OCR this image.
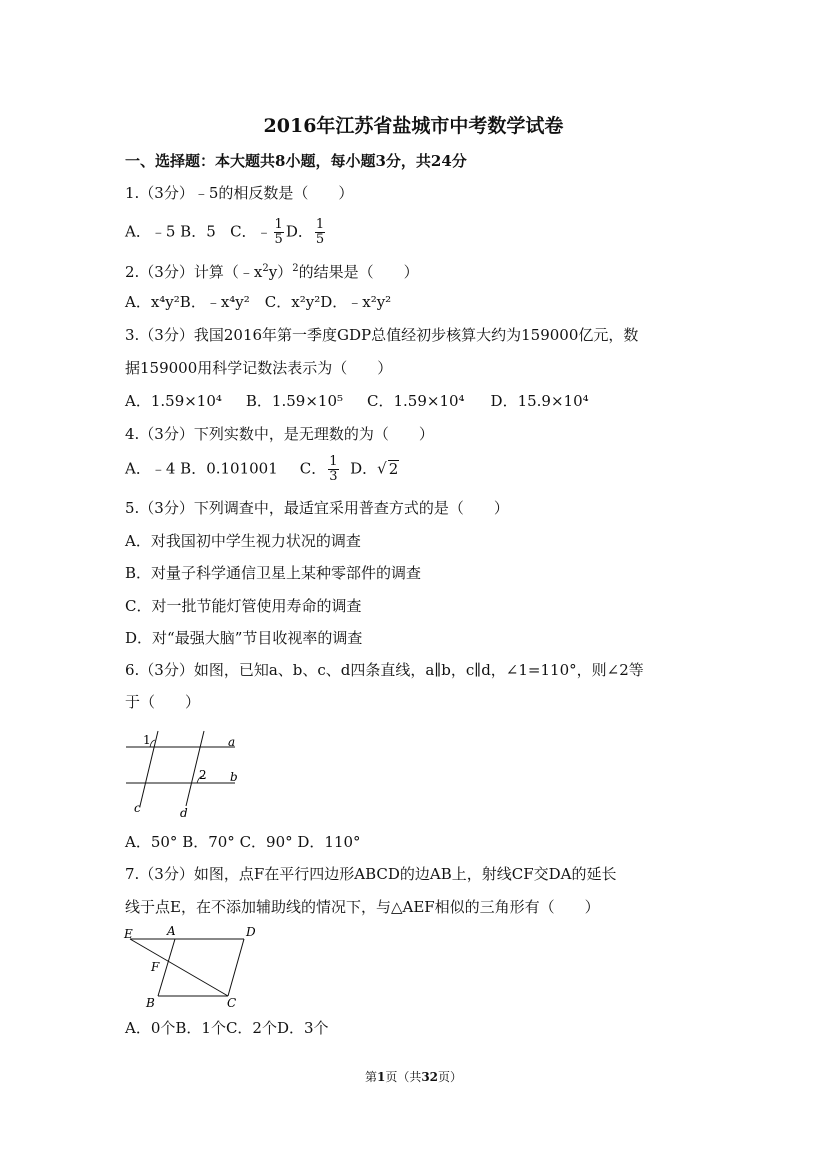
2016年江苏省盐城市中考数学试卷
一、选择题：本大题共8小题，每小题3分，共24分
1.（3分）﹣5的相反数是（　　）
A．﹣5 B．5 C．﹣ $\frac{1}{5}$ D． $\frac{1}{5}$
2.（3分）计算$(﹣x^2y)^2$的结果是（　　）
A．x⁴y²B．﹣x⁴y²　C．x²y²D．﹣x²y²
3.（3分）我国2016年第一季度GDP总值经初步核算大约为159000亿元，数
据159000用科学记数法表示为（　　）
A．1.59×10⁴ B．1.59×10⁵ C．1.59×10⁴ D．15.9×10⁴
4.（3分）下列实数中，是无理数的为（　　）
A．﹣4 B．0.101001 C． $\frac{1}{3}$ D．√ 2
5.（3分）下列调查中，最适宜采用普查方式的是（　　）
A．对我国初中学生视力状况的调查
B．对量子科学通信卫星上某种零部件的调查
C．对一批节能灯管使用寿命的调查
D．对“最强大脑”节目收视率的调查
6.（3分）如图，已知a、b、c、d四条直线，a∥b，c∥d，∠1=110°，则∠2等
于（　　）
1
2
a
b
c	d
A．50° B．70° C．90° D．110°
7.（3分）如图，点F在平行四边形ABCD的边AB上，射线CF交DA的延长
线于点E，在不添加辅助线的情况下，与△AEF相似的三角形有（　　）
E	A	D
F
B	C
A．0个B．1个C．2个D．3个
第1页（共32页）
